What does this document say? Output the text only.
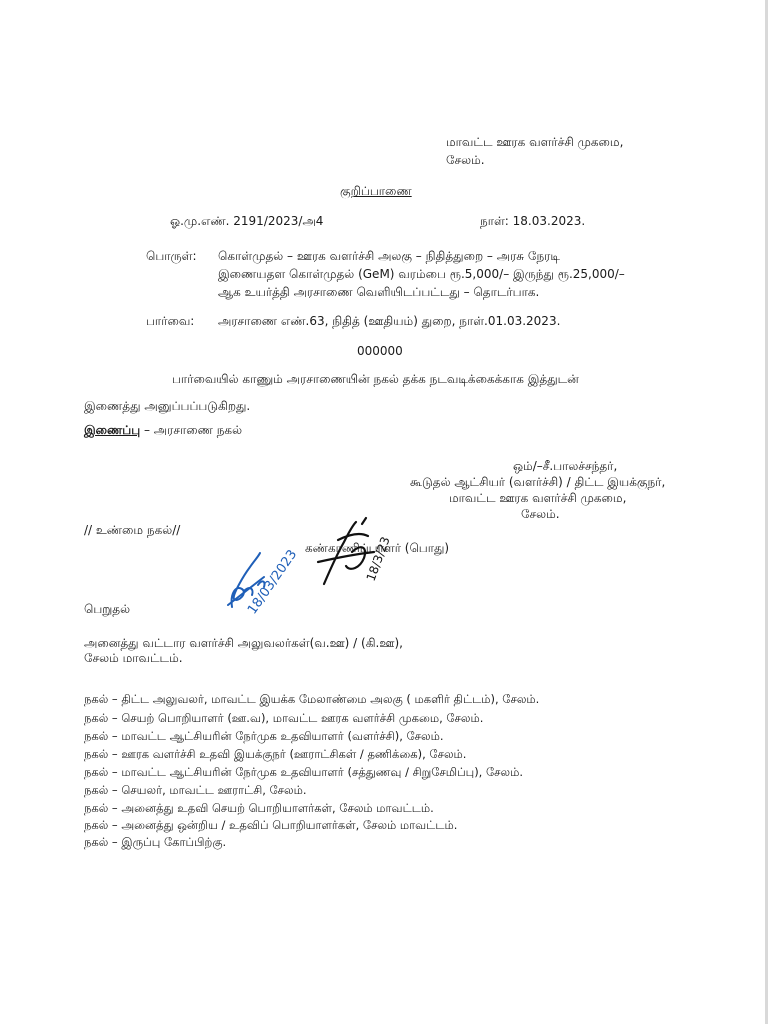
மாவட்ட ஊரக வளர்ச்சி முகமை,
சேலம்.
குறிப்பாணை
ஓ.மு.எண். 2191/2023/அ4	நாள்: 18.03.2023.
பொருள்: கொள்முதல் – ஊரக வளர்ச்சி அலகு – நிதித்துறை – அரசு நேரடி
இணையதள கொள்முதல் (GeM) வரம்பை ரூ.5,000/– இருந்து ரூ.25,000/–
ஆக உயர்த்தி அரசாணை வெளியிடப்பட்டது – தொடர்பாக.
பார்வை: அரசாணை எண்.63, நிதித் (ஊதியம்) துறை, நாள்.01.03.2023.
000000
பார்வையில் காணும் அரசாணையின் நகல் தக்க நடவடிக்கைக்காக இத்துடன்
இணைத்து அனுப்பப்படுகிறது.
இணைப்பு – அரசாணை நகல்
ஒம்/–சீ.பாலச்சந்தர்,
கூடுதல் ஆட்சியர் (வளர்ச்சி) / திட்ட இயக்குநர்,
மாவட்ட ஊரக வளர்ச்சி முகமை,
சேலம்.
// உண்மை நகல்//
கண்காணிப்பாளர் (பொது)
18/03/2023	18/3/23
பெறுதல்
அனைத்து வட்டார வளர்ச்சி அலுவலர்கள்(வ.ஊ) / (கி.ஊ),
சேலம் மாவட்டம்.
நகல் – திட்ட அலுவலர், மாவட்ட இயக்க மேலாண்மை அலகு ( மகளிர் திட்டம்), சேலம்.
நகல் – செயற் பொறியாளர் (ஊ.வ), மாவட்ட ஊரக வளர்ச்சி முகமை, சேலம்.
நகல் – மாவட்ட ஆட்சியரின் நேர்முக உதவியாளர் (வளர்ச்சி), சேலம்.
நகல் – ஊரக வளர்ச்சி உதவி இயக்குநர் (ஊராட்சிகள் / தணிக்கை), சேலம்.
நகல் – மாவட்ட ஆட்சியரின் நேர்முக உதவியாளர் (சத்துணவு / சிறுசேமிப்பு), சேலம்.
நகல் – செயலர், மாவட்ட ஊராட்சி, சேலம்.
நகல் – அனைத்து உதவி செயற் பொறியாளர்கள், சேலம் மாவட்டம்.
நகல் – அனைத்து ஒன்றிய / உதவிப் பொறியாளர்கள், சேலம் மாவட்டம்.
நகல் – இருப்பு கோப்பிற்கு.
